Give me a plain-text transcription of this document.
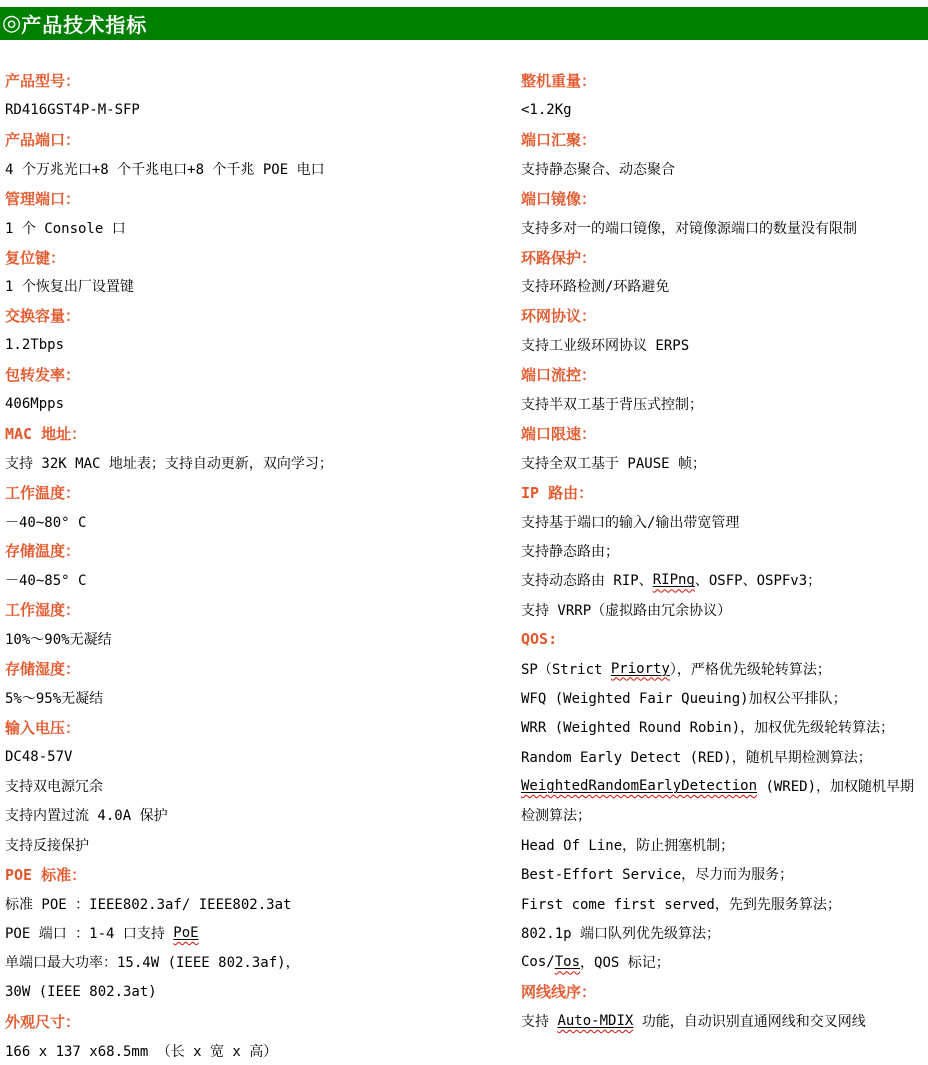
◎ 产品技术指标
产品型号：
RD416GST4P-M-SFP
产品端口：
4 个万兆光口+8 个千兆电口+8 个千兆 POE 电口
管理端口：
1 个 Console 口
复位键：
1 个恢复出厂设置键
交换容量：
1.2Tbps
包转发率：
406Mpps
MAC 地址：
支持 32K MAC 地址表；支持自动更新，双向学习；
工作温度：
－40~80° C
存储温度：
－40~85° C
工作湿度：
10%～90%无凝结
存储湿度：
5%～95%无凝结
输入电压：
DC48-57V
支持双电源冗余
支持内置过流 4.0A 保护
支持反接保护
POE 标准：
标准 POE ：IEEE802.3af/ IEEE802.3at
POE 端口 ：1-4 口支持 PoE
单端口最大功率：15.4W (IEEE 802.3af)，
30W (IEEE 802.3at)
外观尺寸：
166 x 137 x68.5mm （长 x 宽 x 高）
整机重量：
<1.2Kg
端口汇聚：
支持静态聚合、动态聚合
端口镜像：
支持多对一的端口镜像，对镜像源端口的数量没有限制
环路保护：
支持环路检测/环路避免
环网协议：
支持工业级环网协议 ERPS
端口流控：
支持半双工基于背压式控制；
端口限速：
支持全双工基于 PAUSE 帧；
IP 路由：
支持基于端口的输入/输出带宽管理
支持静态路由；
支持动态路由 RIP、 RIPng 、OSFP、OSPFv3；
支持 VRRP（虚拟路由冗余协议）
QOS:
SP（Strict Priorty ），严格优先级轮转算法；
WFQ (Weighted Fair Queuing)加权公平排队；
WRR (Weighted Round Robin)，加权优先级轮转算法；
Random Early Detect (RED)，随机早期检测算法；
WeightedRandomEarlyDetection (WRED)，加权随机早期
检测算法；
Head Of Line，防止拥塞机制；
Best-Effort Service，尽力而为服务；
First come first served，先到先服务算法；
802.1p 端口队列优先级算法；
Cos/ Tos ，QOS 标记；
网线线序：
支持 Auto-MDIX 功能，自动识别直通网线和交叉网线
